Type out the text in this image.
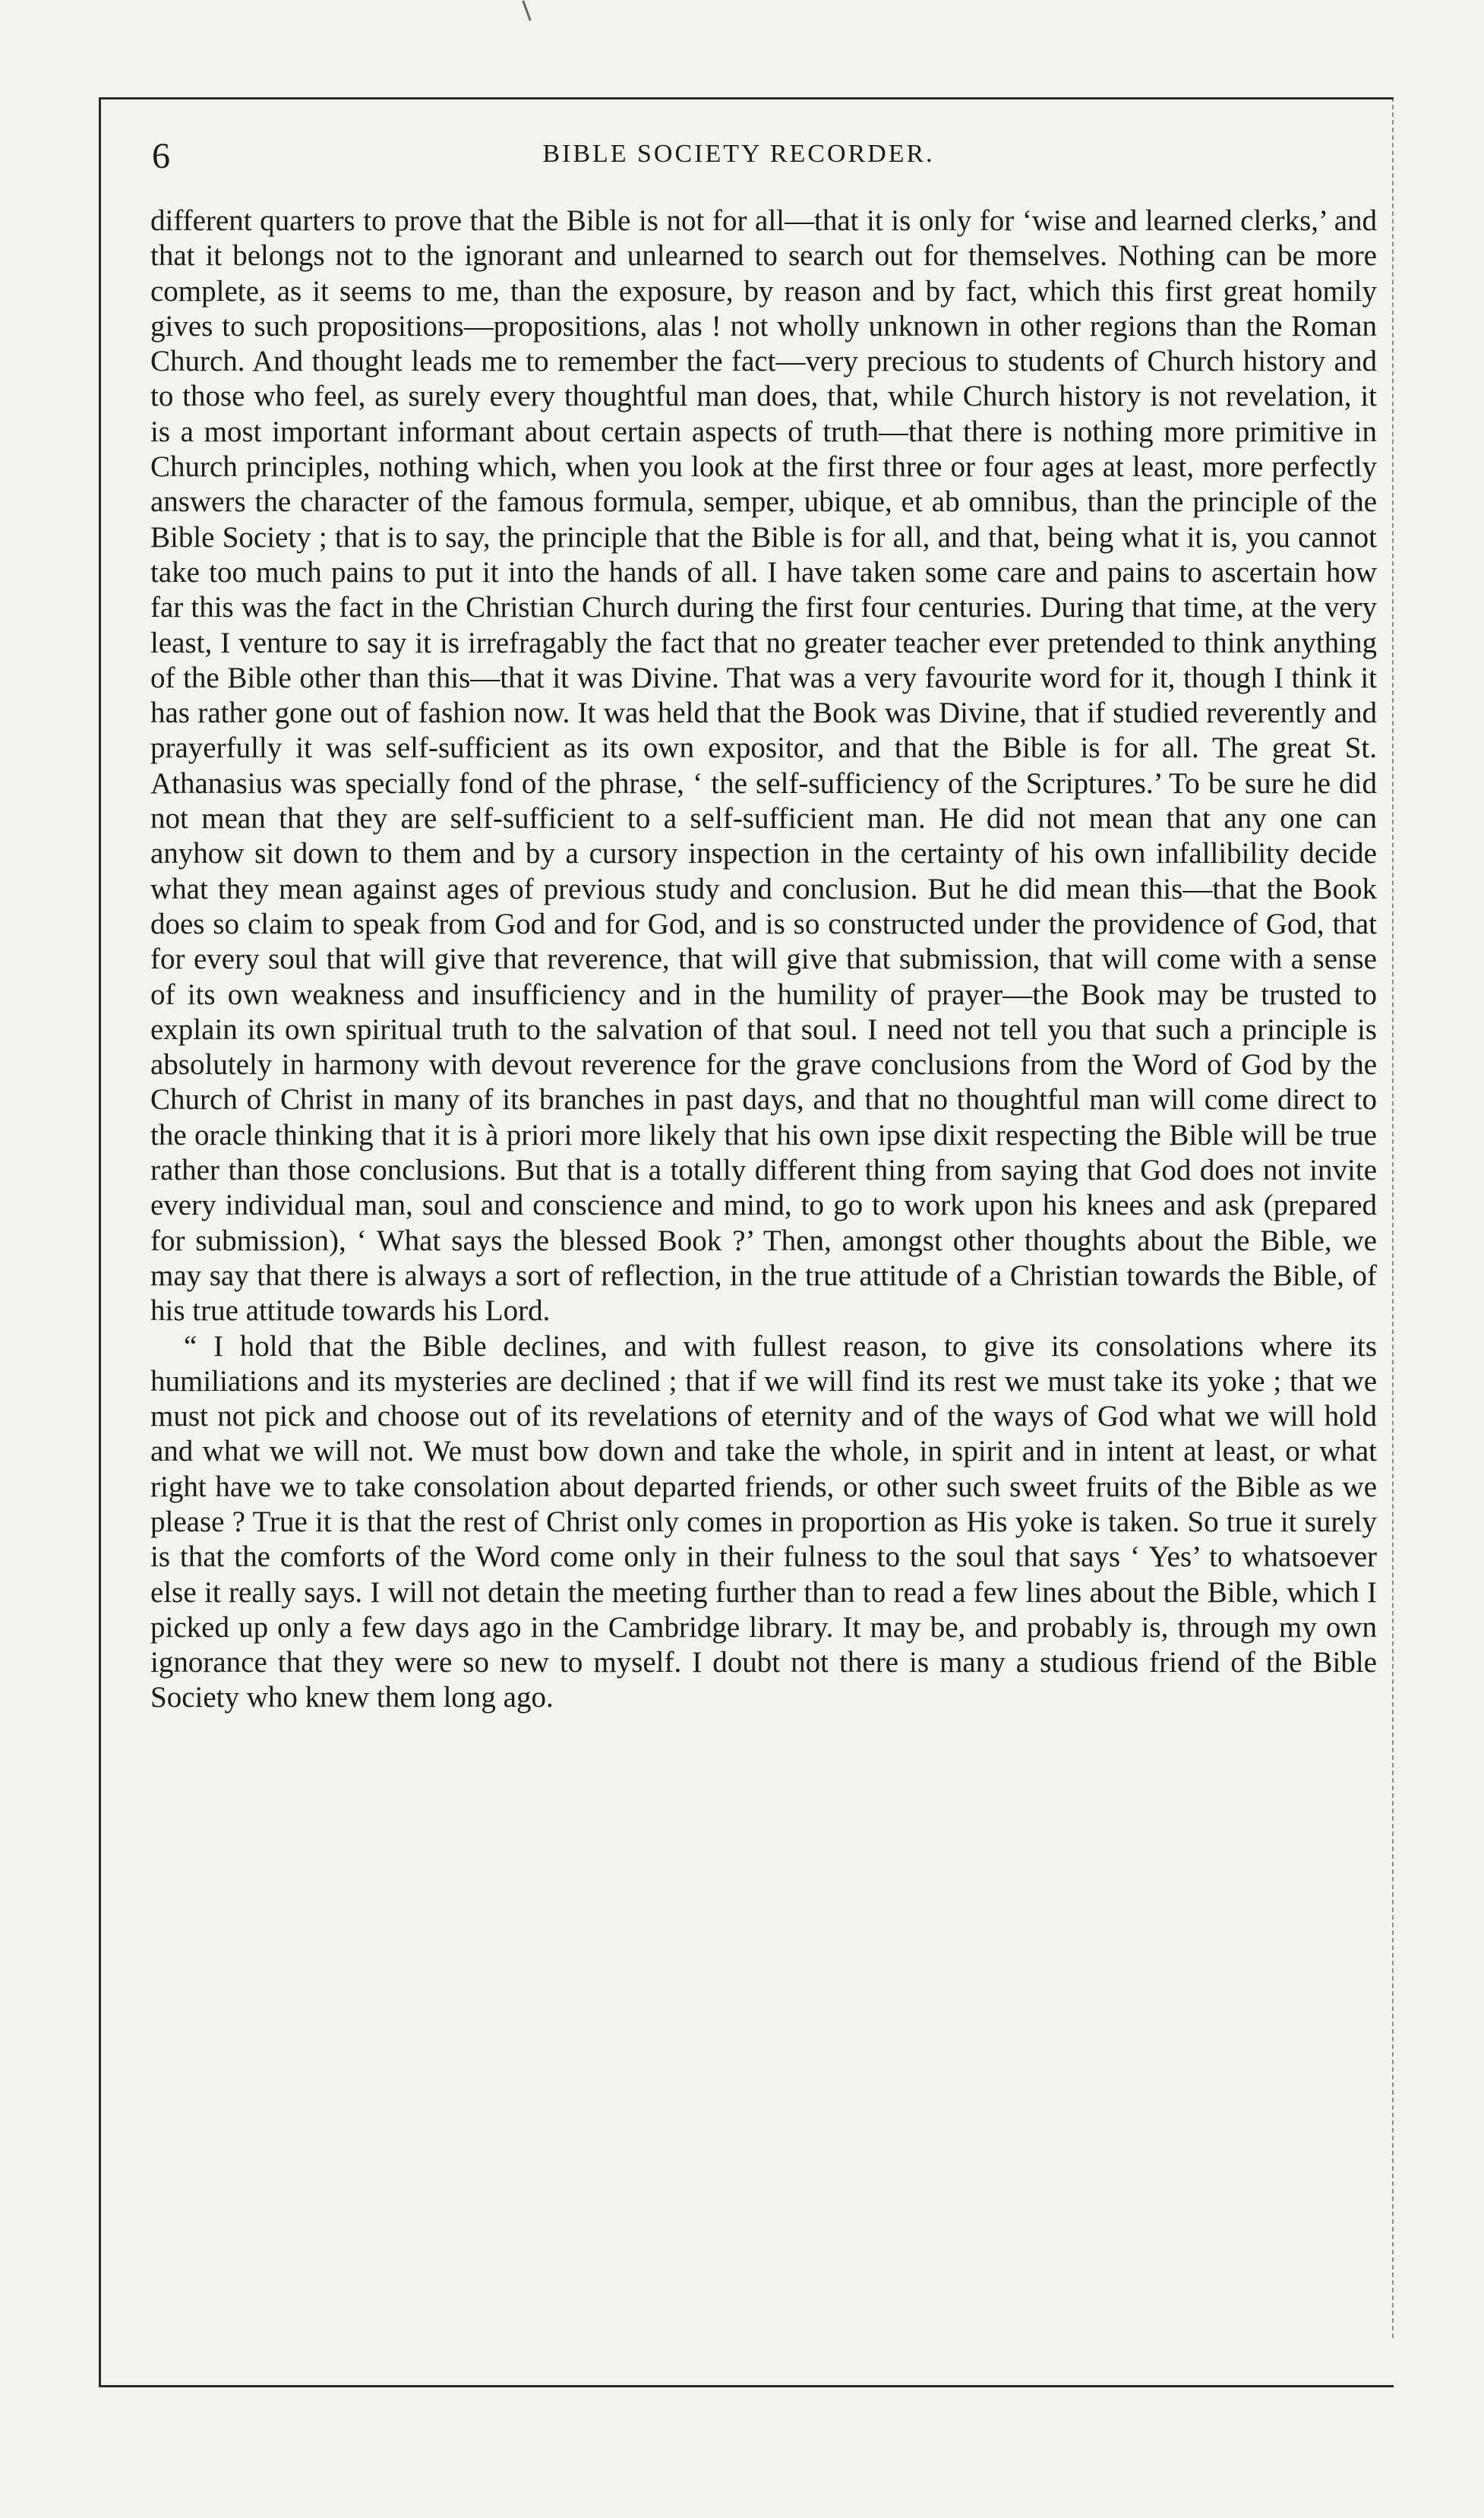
6	BIBLE SOCIETY RECORDER.

different quarters to prove that the Bible is not for all—that it is only for ‘wise and learned clerks,’ and that it belongs not to the ignorant and unlearned to search out for themselves. Nothing can be more complete, as it seems to me, than the exposure, by reason and by fact, which this first great homily gives to such propositions—propositions, alas ! not wholly unknown in other regions than the Roman Church. And thought leads me to remember the fact—very precious to students of Church history and to those who feel, as surely every thoughtful man does, that, while Church history is not revelation, it is a most important informant about certain aspects of truth—that there is nothing more primitive in Church principles, nothing which, when you look at the first three or four ages at least, more perfectly answers the character of the famous formula, semper, ubique, et ab omnibus, than the principle of the Bible Society ; that is to say, the principle that the Bible is for all, and that, being what it is, you cannot take too much pains to put it into the hands of all. I have taken some care and pains to ascertain how far this was the fact in the Christian Church during the first four centuries. During that time, at the very least, I venture to say it is irrefragably the fact that no greater teacher ever pretended to think anything of the Bible other than this—that it was Divine. That was a very favourite word for it, though I think it has rather gone out of fashion now. It was held that the Book was Divine, that if studied reverently and prayerfully it was self-sufficient as its own expositor, and that the Bible is for all. The great St. Athanasius was specially fond of the phrase, ‘ the self-sufficiency of the Scriptures.’ To be sure he did not mean that they are self-sufficient to a self-sufficient man. He did not mean that any one can anyhow sit down to them and by a cursory inspection in the certainty of his own infallibility decide what they mean against ages of previous study and conclusion. But he did mean this—that the Book does so claim to speak from God and for God, and is so constructed under the providence of God, that for every soul that will give that reverence, that will give that submission, that will come with a sense of its own weakness and insufficiency and in the humility of prayer—the Book may be trusted to explain its own spiritual truth to the salvation of that soul. I need not tell you that such a principle is absolutely in harmony with devout reverence for the grave conclusions from the Word of God by the Church of Christ in many of its branches in past days, and that no thoughtful man will come direct to the oracle thinking that it is à priori more likely that his own ipse dixit respecting the Bible will be true rather than those conclusions. But that is a totally different thing from saying that God does not invite every individual man, soul and conscience and mind, to go to work upon his knees and ask (prepared for submission), ‘ What says the blessed Book ?’ Then, amongst other thoughts about the Bible, we may say that there is always a sort of reflection, in the true attitude of a Christian towards the Bible, of his true attitude towards his Lord.

“ I hold that the Bible declines, and with fullest reason, to give its consolations where its humiliations and its mysteries are declined ; that if we will find its rest we must take its yoke ; that we must not pick and choose out of its revelations of eternity and of the ways of God what we will hold and what we will not. We must bow down and take the whole, in spirit and in intent at least, or what right have we to take consolation about departed friends, or other such sweet fruits of the Bible as we please ? True it is that the rest of Christ only comes in proportion as His yoke is taken. So true it surely is that the comforts of the Word come only in their fulness to the soul that says ‘ Yes’ to whatsoever else it really says. I will not detain the meeting further than to read a few lines about the Bible, which I picked up only a few days ago in the Cambridge library. It may be, and probably is, through my own ignorance that they were so new to myself. I doubt not there is many a studious friend of the Bible Society who knew them long ago.
